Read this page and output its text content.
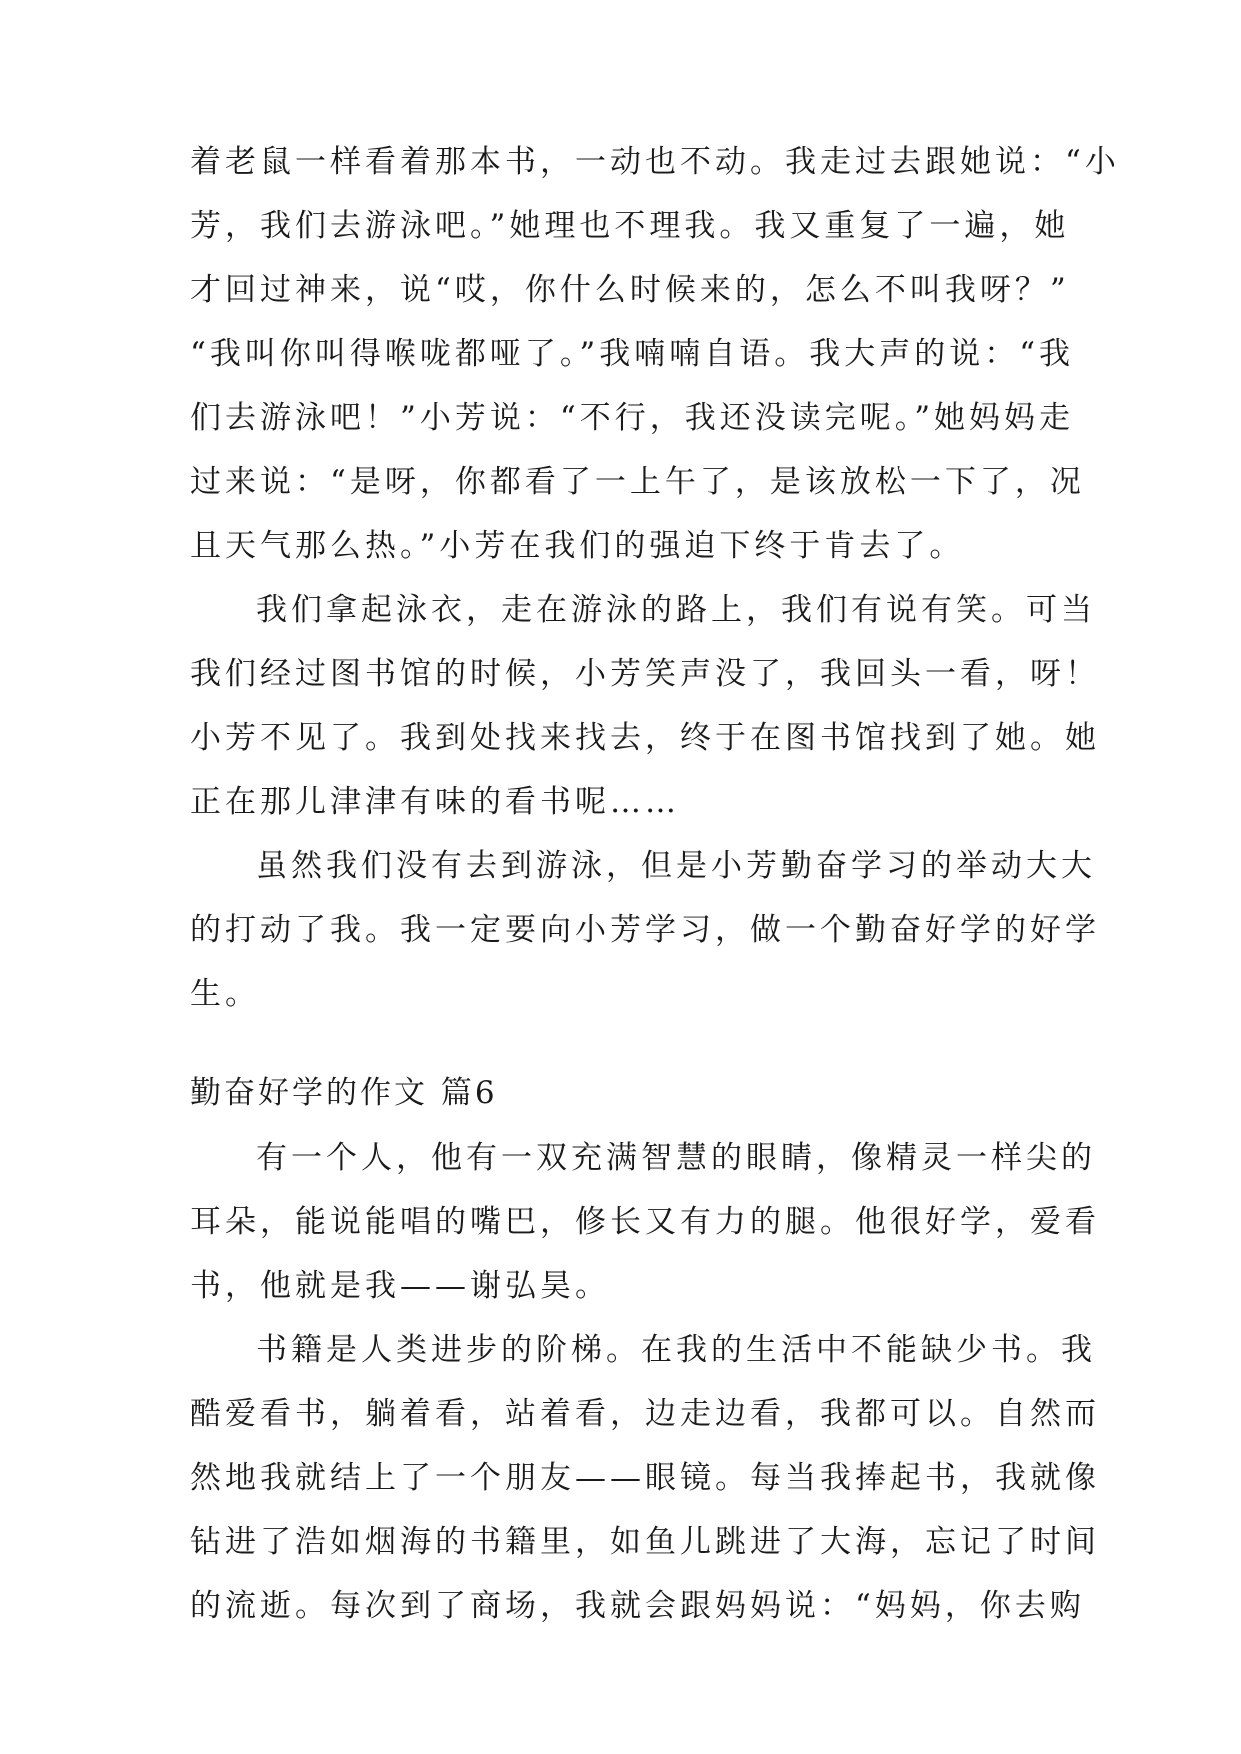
着老鼠一样看着那本书，一动也不动。我走过去跟她说：“小
芳，我们去游泳吧。”她理也不理我。我又重复了一遍，她
才回过神来，说“哎，你什么时候来的，怎么不叫我呀？”
“我叫你叫得喉咙都哑了。”我喃喃自语。我大声的说：“我
们去游泳吧！”小芳说：“不行，我还没读完呢。”她妈妈走
过来说：“是呀，你都看了一上午了，是该放松一下了，况
且天气那么热。”小芳在我们的强迫下终于肯去了。
我们拿起泳衣，走在游泳的路上，我们有说有笑。可当
我们经过图书馆的时候，小芳笑声没了，我回头一看，呀！
小芳不见了。我到处找来找去，终于在图书馆找到了她。她
正在那儿津津有味的看书呢……
虽然我们没有去到游泳，但是小芳勤奋学习的举动大大
的打动了我。我一定要向小芳学习，做一个勤奋好学的好学
生。
勤奋好学的作文 篇6
有一个人，他有一双充满智慧的眼睛，像精灵一样尖的
耳朵，能说能唱的嘴巴，修长又有力的腿。他很好学，爱看
书，他就是我——谢弘昊。
书籍是人类进步的阶梯。在我的生活中不能缺少书。我
酷爱看书，躺着看，站着看，边走边看，我都可以。自然而
然地我就结上了一个朋友——眼镜。每当我捧起书，我就像
钻进了浩如烟海的书籍里，如鱼儿跳进了大海，忘记了时间
的流逝。每次到了商场，我就会跟妈妈说：“妈妈，你去购
